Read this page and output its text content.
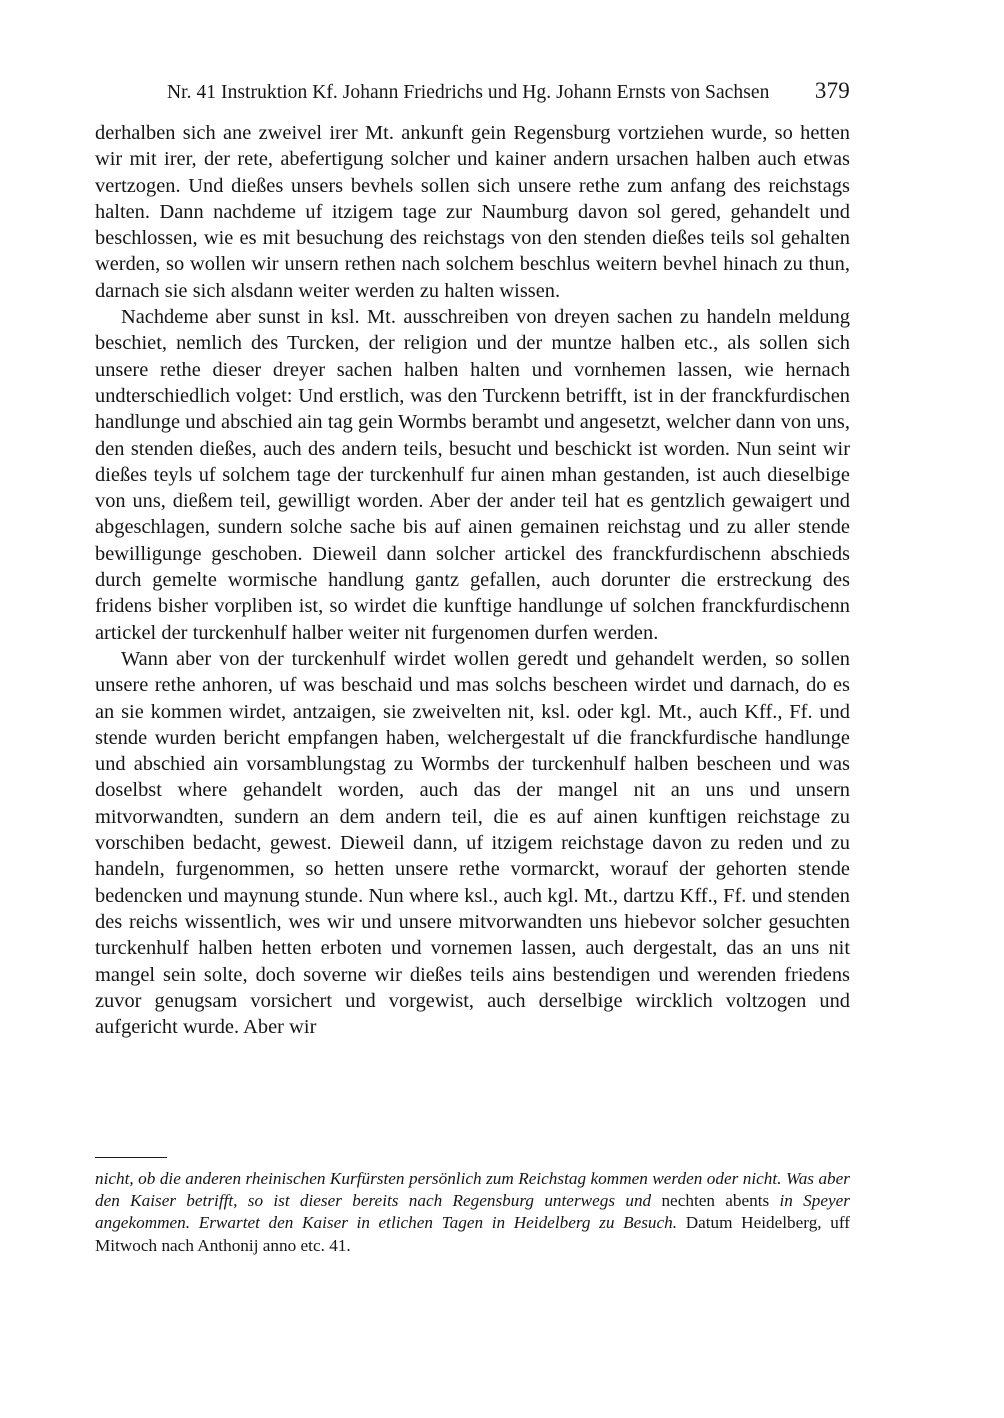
Nr. 41 Instruktion Kf. Johann Friedrichs und Hg. Johann Ernsts von Sachsen 379

derhalben sich ane zweivel irer Mt. ankunft gein Regensburg vortziehen wurde, so hetten wir mit irer, der rete, abefertigung solcher und kainer andern ursachen halben auch etwas vertzogen. Und dießes unsers bevhels sollen sich unsere rethe zum anfang des reichstags halten. Dann nachdeme uf itzigem tage zur Naumburg davon sol gered, gehandelt und beschlossen, wie es mit besuchung des reichstags von den stenden dießes teils sol gehalten werden, so wollen wir unsern rethen nach solchem beschlus weitern bevhel hinach zu thun, darnach sie sich alsdann weiter werden zu halten wissen.

Nachdeme aber sunst in ksl. Mt. ausschreiben von dreyen sachen zu handeln meldung beschiet, nemlich des Turcken, der religion und der muntze halben etc., als sollen sich unsere rethe dieser dreyer sachen halben halten und vornhemen lassen, wie hernach undterschiedlich volget: Und erstlich, was den Turckenn betrifft, ist in der franckfurdischen handlunge und abschied ain tag gein Wormbs berambt und angesetzt, welcher dann von uns, den stenden dießes, auch des andern teils, besucht und beschickt ist worden. Nun seint wir dießes teyls uf solchem tage der turckenhulf fur ainen mhan gestanden, ist auch dieselbige von uns, dießem teil, gewilligt worden. Aber der ander teil hat es gentzlich gewaigert und abgeschlagen, sundern solche sache bis auf ainen gemainen reichstag und zu aller stende bewilligunge geschoben. Dieweil dann solcher artickel des franckfurdischenn abschieds durch gemelte wormische handlung gantz gefallen, auch dorunter die erstreckung des fridens bisher vorpliben ist, so wirdet die kunftige handlunge uf solchen franckfurdischenn artickel der turckenhulf halber weiter nit furgenomen durfen werden.

Wann aber von der turckenhulf wirdet wollen geredt und gehandelt werden, so sollen unsere rethe anhoren, uf was beschaid und mas solchs bescheen wirdet und darnach, do es an sie kommen wirdet, antzaigen, sie zweivelten nit, ksl. oder kgl. Mt., auch Kff., Ff. und stende wurden bericht empfangen haben, welchergestalt uf die franckfurdische handlunge und abschied ain vorsamblungstag zu Wormbs der turckenhulf halben bescheen und was doselbst where gehandelt worden, auch das der mangel nit an uns und unsern mitvorwandten, sundern an dem andern teil, die es auf ainen kunftigen reichstage zu vorschiben bedacht, gewest. Dieweil dann, uf itzigem reichstage davon zu reden und zu handeln, furgenommen, so hetten unsere rethe vormarckt, worauf der gehorten stende bedencken und maynung stunde. Nun where ksl., auch kgl. Mt., dartzu Kff., Ff. und stenden des reichs wissentlich, wes wir und unsere mitvorwandten uns hiebevor solcher gesuchten turckenhulf halben hetten erboten und vornemen lassen, auch dergestalt, das an uns nit mangel sein solte, doch soverne wir dießes teils ains bestendigen und werenden friedens zuvor genugsam vorsichert und vorgewist, auch derselbige wircklich voltzogen und aufgericht wurde. Aber wir

nicht, ob die anderen rheinischen Kurfürsten persönlich zum Reichstag kommen werden oder nicht. Was aber den Kaiser betrifft, so ist dieser bereits nach Regensburg unterwegs und nechten abents in Speyer angekommen. Erwartet den Kaiser in etlichen Tagen in Heidelberg zu Besuch. Datum Heidelberg, uff Mitwoch nach Anthonij anno etc. 41.
